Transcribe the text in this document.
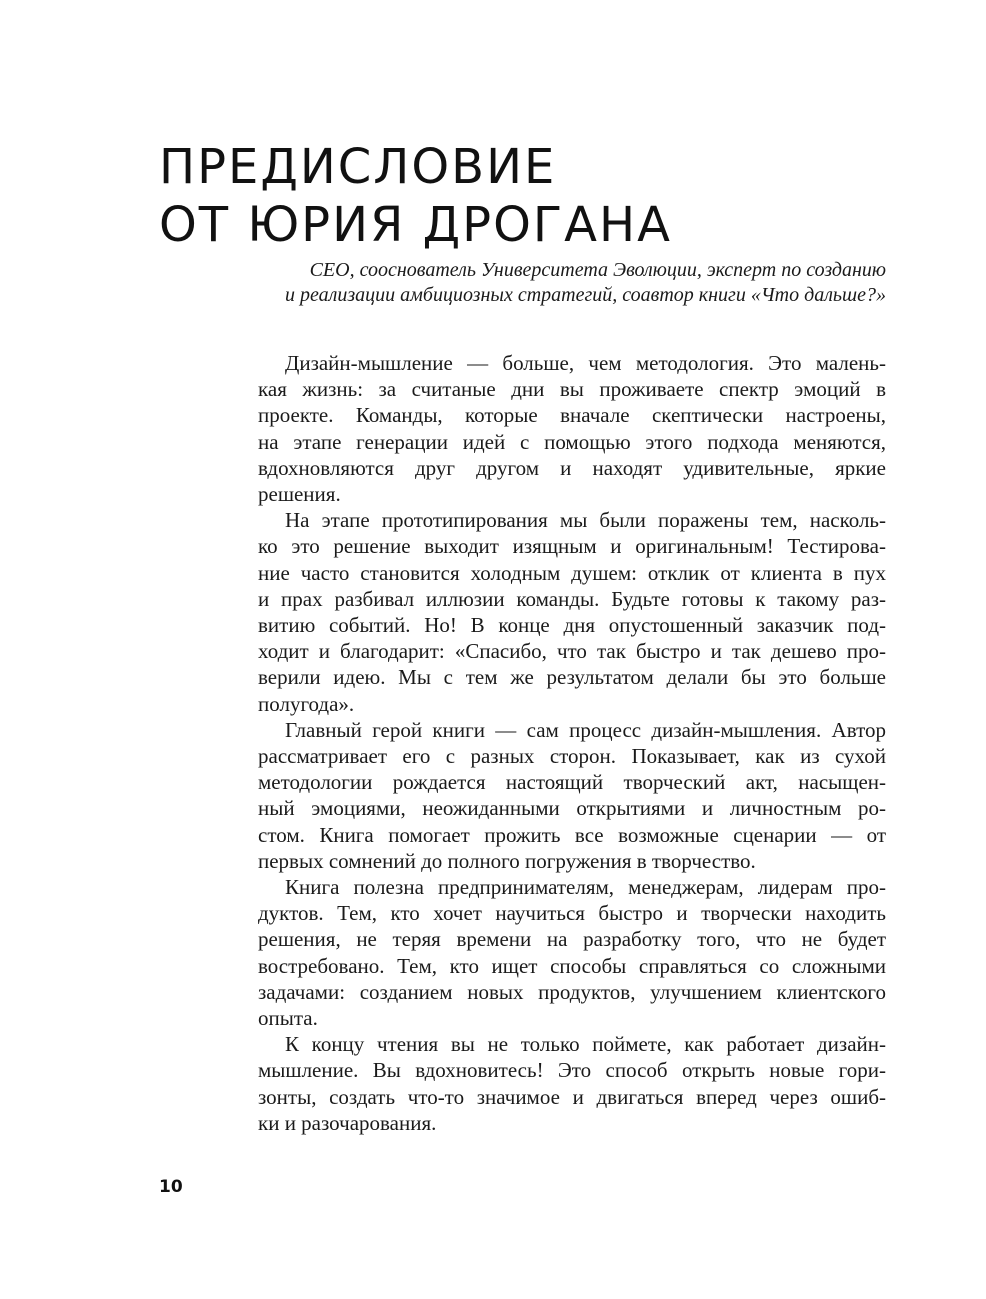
ПРЕДИСЛОВИЕ
ОТ ЮРИЯ ДРОГАНА

CEO, сооснователь Университета Эволюции, эксперт по созданию
и реализации амбициозных стратегий, соавтор книги «Что дальше?»

Дизайн-мышление — больше, чем методология. Это малень-
кая жизнь: за считаные дни вы проживаете спектр эмоций в
проекте. Команды, которые вначале скептически настроены,
на этапе генерации идей с помощью этого подхода меняются,
вдохновляются друг другом и находят удивительные, яркие
решения.
На этапе прототипирования мы были поражены тем, насколь-
ко это решение выходит изящным и оригинальным! Тестирова-
ние часто становится холодным душем: отклик от клиента в пух
и прах разбивал иллюзии команды. Будьте готовы к такому раз-
витию событий. Но! В конце дня опустошенный заказчик под-
ходит и благодарит: «Спасибо, что так быстро и так дешево про-
верили идею. Мы с тем же результатом делали бы это больше
полугода».
Главный герой книги — сам процесс дизайн-мышления. Автор
рассматривает его с разных сторон. Показывает, как из сухой
методологии рождается настоящий творческий акт, насыщен-
ный эмоциями, неожиданными открытиями и личностным ро-
стом. Книга помогает прожить все возможные сценарии — от
первых сомнений до полного погружения в творчество.
Книга полезна предпринимателям, менеджерам, лидерам про-
дуктов. Тем, кто хочет научиться быстро и творчески находить
решения, не теряя времени на разработку того, что не будет
востребовано. Тем, кто ищет способы справляться со сложными
задачами: созданием новых продуктов, улучшением клиентского
опыта.
К концу чтения вы не только поймете, как работает дизайн-
мышление. Вы вдохновитесь! Это способ открыть новые гори-
зонты, создать что-то значимое и двигаться вперед через ошиб-
ки и разочарования.
10
